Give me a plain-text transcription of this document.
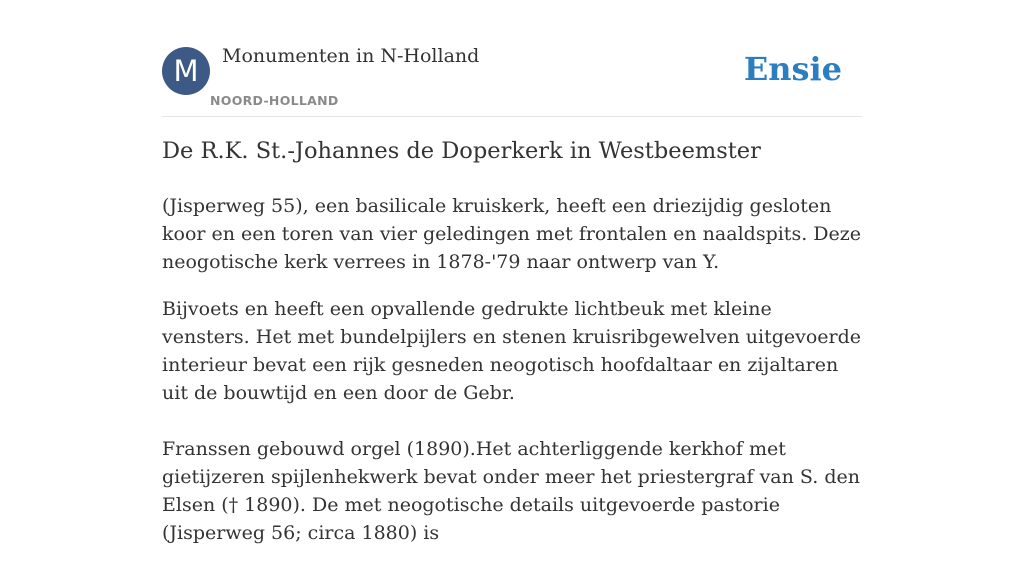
M	Monumenten in N-Holland
NOORD-HOLLAND
Ensie
De R.K. St.-Johannes de Doperkerk in Westbeemster

(Jisperweg 55), een basilicale kruiskerk, heeft een driezijdig gesloten koor en een toren van vier geledingen met frontalen en naaldspits. Deze neogotische kerk verrees in 1878-'79 naar ontwerp van Y.

Bijvoets en heeft een opvallende gedrukte lichtbeuk met kleine vensters. Het met bundelpijlers en stenen kruisribgewelven uitgevoerde interieur bevat een rijk gesneden neogotisch hoofdaltaar en zijaltaren uit de bouwtijd en een door de Gebr.

Franssen gebouwd orgel (1890).Het achterliggende kerkhof met gietijzeren spijlenhekwerk bevat onder meer het priestergraf van S. den Elsen († 1890). De met neogotische details uitgevoerde pastorie (Jisperweg 56; circa 1880) is
